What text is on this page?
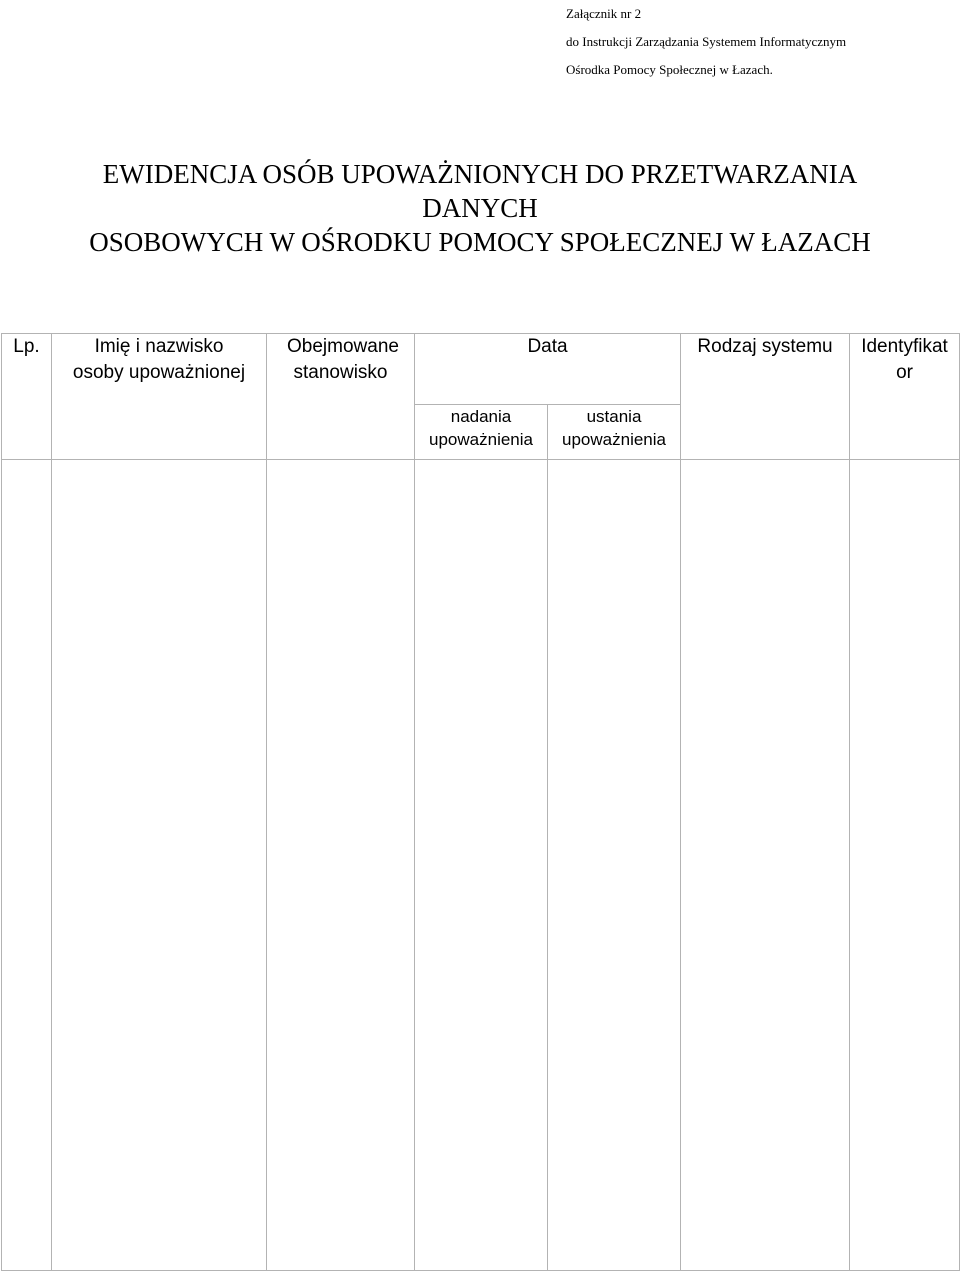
Załącznik nr 2
do Instrukcji Zarządzania Systemem Informatycznym
Ośrodka Pomocy Społecznej w Łazach.
EWIDENCJA OSÓB UPOWAŻNIONYCH DO PRZETWARZANIA
DANYCH
OSOBOWYCH W OŚRODKU POMOCY SPOŁECZNEJ W ŁAZACH
Lp.	Imię i nazwisko osoby upoważnionej	Obejmowane stanowisko	Data		Rodzaj systemu	Identyfikator

			nadania upoważnienia	ustania upoważnienia		
